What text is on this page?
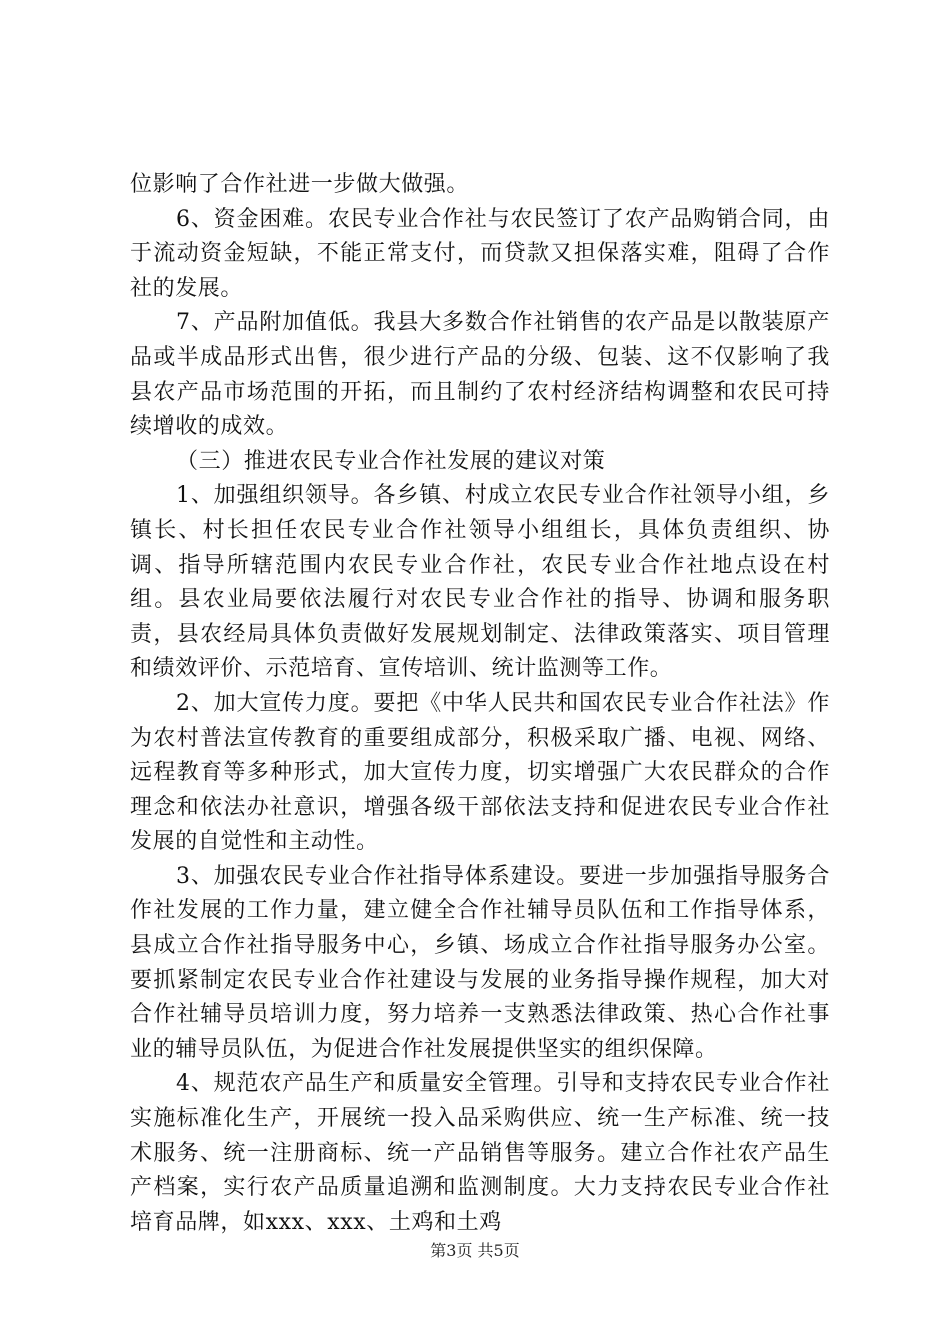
位影响了合作社进一步做大做强。

6、资金困难。农民专业合作社与农民签订了农产品购销合同，由于流动资金短缺，不能正常支付，而贷款又担保落实难，阻碍了合作社的发展。

7、产品附加值低。我县大多数合作社销售的农产品是以散装原产品或半成品形式出售，很少进行产品的分级、包装、这不仅影响了我县农产品市场范围的开拓，而且制约了农村经济结构调整和农民可持续增收的成效。

（三）推进农民专业合作社发展的建议对策

1、加强组织领导。各乡镇、村成立农民专业合作社领导小组，乡镇长、村长担任农民专业合作社领导小组组长，具体负责组织、协调、指导所辖范围内农民专业合作社，农民专业合作社地点设在村组。县农业局要依法履行对农民专业合作社的指导、协调和服务职责，县农经局具体负责做好发展规划制定、法律政策落实、项目管理和绩效评价、示范培育、宣传培训、统计监测等工作。

2、加大宣传力度。要把《中华人民共和国农民专业合作社法》作为农村普法宣传教育的重要组成部分，积极采取广播、电视、网络、远程教育等多种形式，加大宣传力度，切实增强广大农民群众的合作理念和依法办社意识，增强各级干部依法支持和促进农民专业合作社发展的自觉性和主动性。

3、加强农民专业合作社指导体系建设。要进一步加强指导服务合作社发展的工作力量，建立健全合作社辅导员队伍和工作指导体系，县成立合作社指导服务中心，乡镇、场成立合作社指导服务办公室。要抓紧制定农民专业合作社建设与发展的业务指导操作规程，加大对合作社辅导员培训力度，努力培养一支熟悉法律政策、热心合作社事业的辅导员队伍，为促进合作社发展提供坚实的组织保障。

4、规范农产品生产和质量安全管理。引导和支持农民专业合作社实施标准化生产，开展统一投入品采购供应、统一生产标准、统一技术服务、统一注册商标、统一产品销售等服务。建立合作社农产品生产档案，实行农产品质量追溯和监测制度。大力支持农民专业合作社培育品牌，如xxx、xxx、土鸡和土鸡

第3页 共5页
